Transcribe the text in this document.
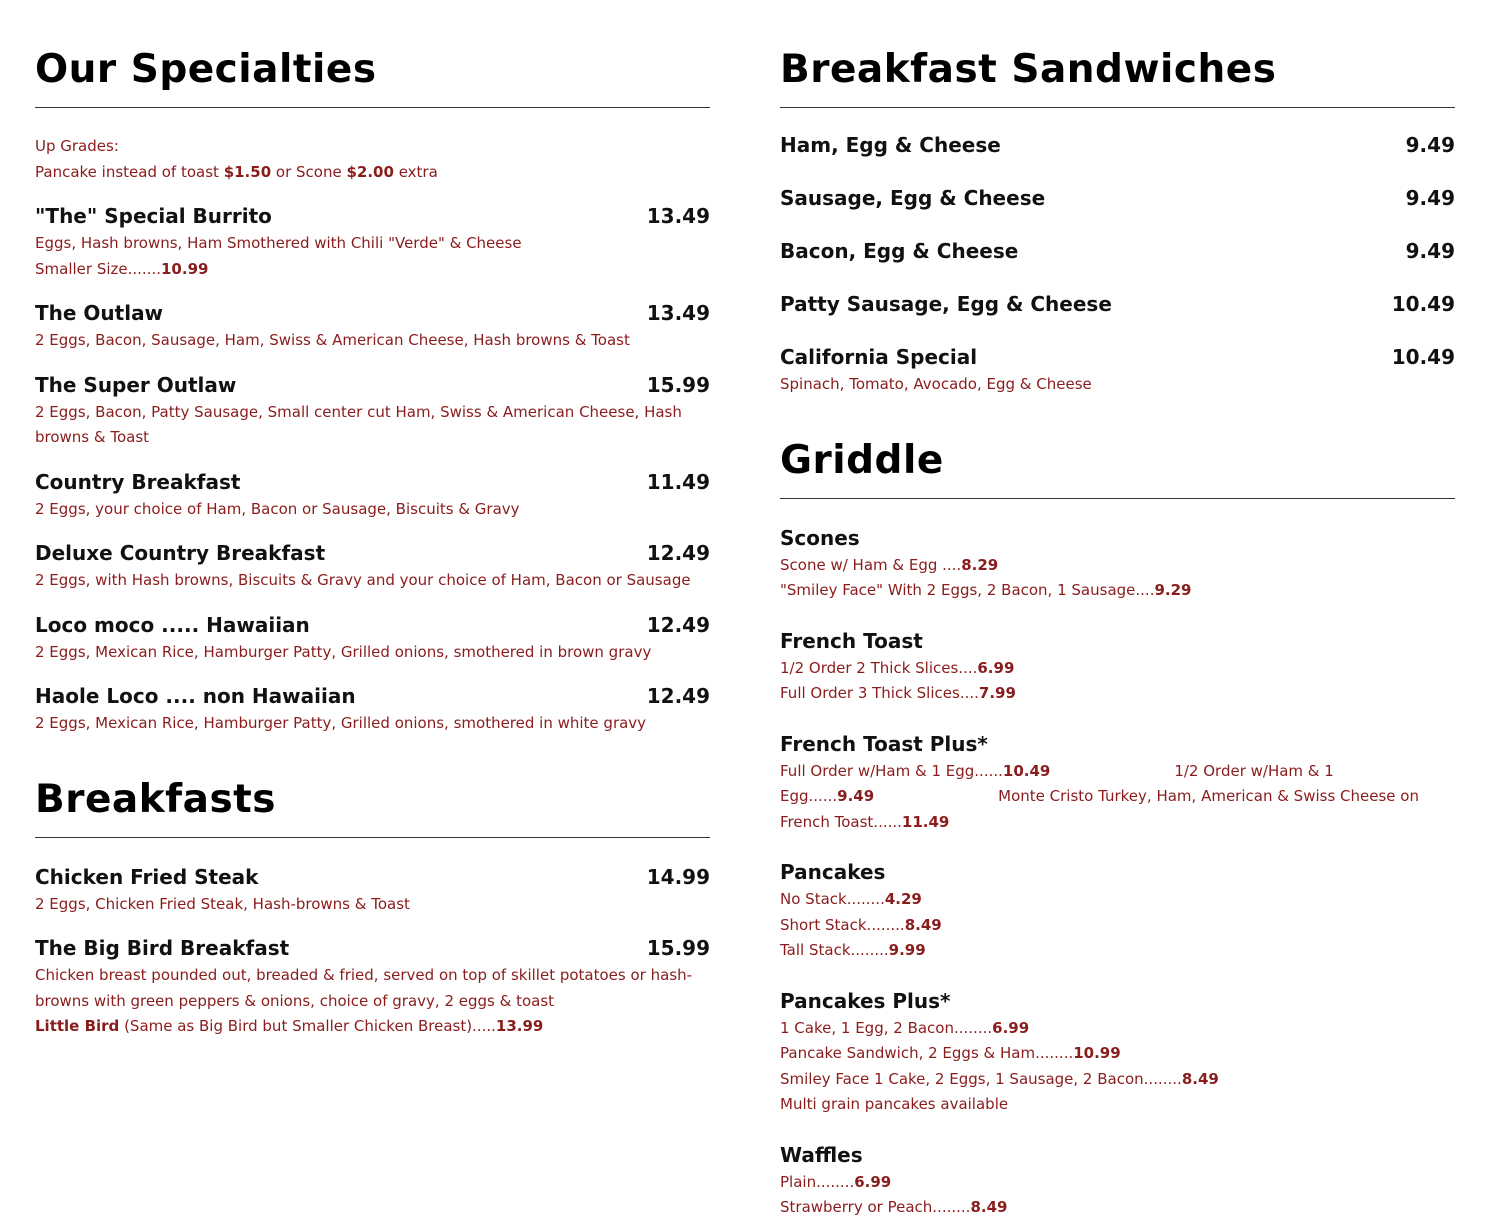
Our Specialties

Up Grades:

Pancake instead of toast $1.50 or Scone $2.00 extra

"The" Special Burrito	13.49

Eggs, Hash browns, Ham Smothered with Chili "Verde" & Cheese

Smaller Size.......10.99

The Outlaw	13.49

2 Eggs, Bacon, Sausage, Ham, Swiss & American Cheese, Hash browns & Toast

The Super Outlaw	15.99

2 Eggs, Bacon, Patty Sausage, Small center cut Ham, Swiss & American Cheese, Hash browns & Toast

Country Breakfast	11.49

2 Eggs, your choice of Ham, Bacon or Sausage, Biscuits & Gravy

Deluxe Country Breakfast	12.49

2 Eggs, with Hash browns, Biscuits & Gravy and your choice of Ham, Bacon or Sausage

Loco moco ..... Hawaiian	12.49

2 Eggs, Mexican Rice, Hamburger Patty, Grilled onions, smothered in brown gravy

Haole Loco .... non Hawaiian	12.49

2 Eggs, Mexican Rice, Hamburger Patty, Grilled onions, smothered in white gravy

Breakfasts
Chicken Fried Steak	14.99

2 Eggs, Chicken Fried Steak, Hash-browns & Toast

The Big Bird Breakfast	15.99

Chicken breast pounded out, breaded & fried, served on top of skillet potatoes or hash-browns with green peppers & onions, choice of gravy, 2 eggs & toast

Little Bird (Same as Big Bird but Smaller Chicken Breast).....13.99

Breakfast Sandwiches
Ham, Egg & Cheese	9.49
Sausage, Egg & Cheese	9.49
Bacon, Egg & Cheese	9.49
Patty Sausage, Egg & Cheese	10.49
California Special	10.49

Spinach, Tomato, Avocado, Egg & Cheese

Griddle
Scones
Scone w/ Ham & Egg ....8.29
"Smiley Face" With 2 Eggs, 2 Bacon, 1 Sausage....9.29
French Toast
1/2 Order 2 Thick Slices....6.99
Full Order 3 Thick Slices....7.99
French Toast Plus*
Full Order w/Ham & 1 Egg......10.49	1/2 Order w/Ham & 1 Egg......9.49	Monte Cristo Turkey, Ham, American & Swiss Cheese on French Toast......11.49
Pancakes
No Stack........4.29
Short Stack........8.49
Tall Stack........9.99
Pancakes Plus*
1 Cake, 1 Egg, 2 Bacon........6.99
Pancake Sandwich, 2 Eggs & Ham........10.99
Smiley Face 1 Cake, 2 Eggs, 1 Sausage, 2 Bacon........8.49
Multi grain pancakes available
Waffles
Plain........6.99
Strawberry or Peach........8.49
